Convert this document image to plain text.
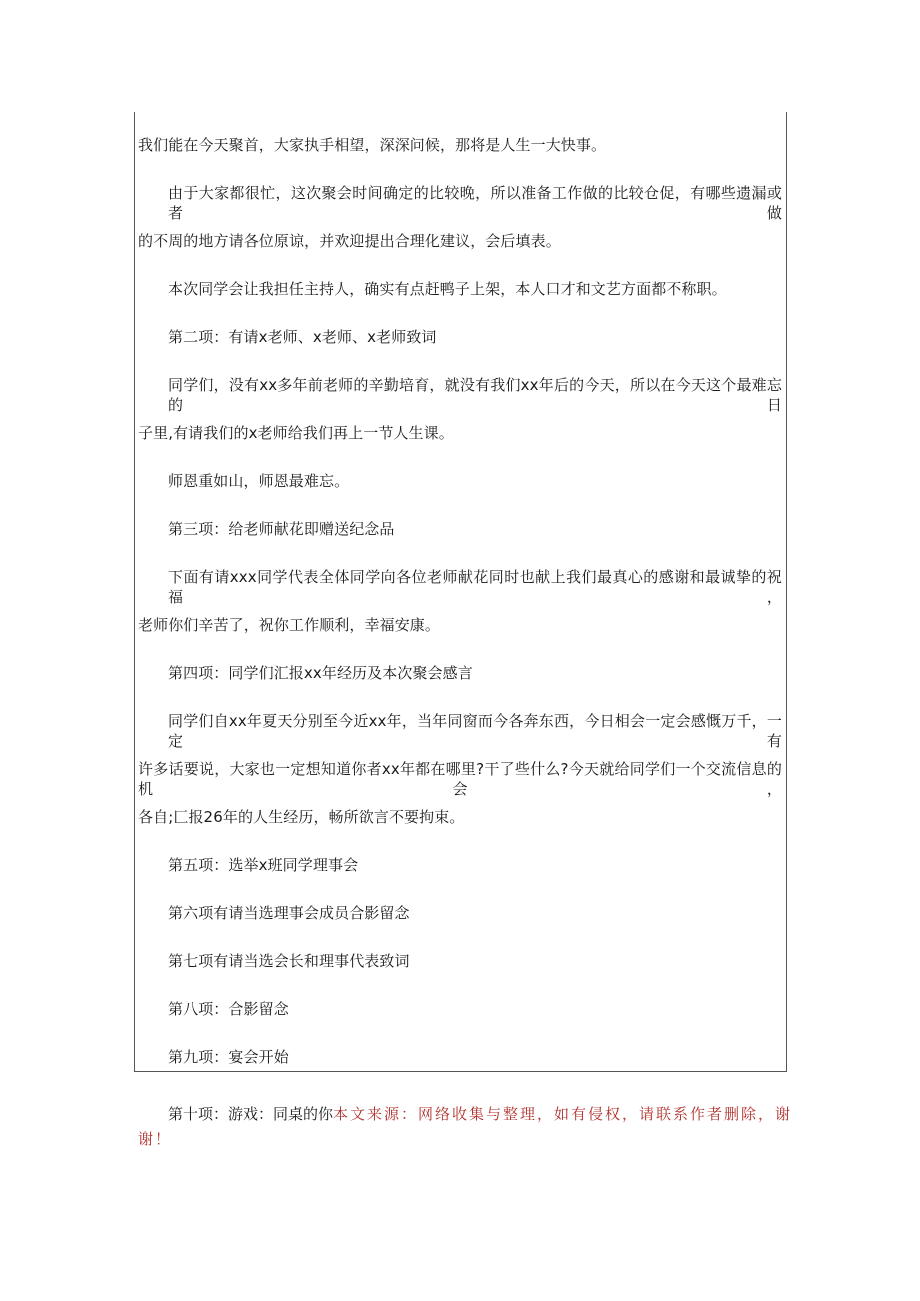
我们能在今天聚首，大家执手相望，深深问候，那将是人生一大快事。
由于大家都很忙，这次聚会时间确定的比较晚，所以准备工作做的比较仓促，有哪些遗漏或者做
的不周的地方请各位原谅，并欢迎提出合理化建议，会后填表。
本次同学会让我担任主持人，确实有点赶鸭子上架，本人口才和文艺方面都不称职。
第二项：有请x老师、x老师、x老师致词
同学们，没有xx多年前老师的辛勤培育，就没有我们xx年后的今天，所以在今天这个最难忘的日
子里,有请我们的x老师给我们再上一节人生课。
师恩重如山，师恩最难忘。
第三项：给老师献花即赠送纪念品
下面有请xxx同学代表全体同学向各位老师献花同时也献上我们最真心的感谢和最诚挚的祝福，
老师你们辛苦了，祝你工作顺利，幸福安康。
第四项：同学们汇报xx年经历及本次聚会感言
同学们自xx年夏天分别至今近xx年，当年同窗而今各奔东西，今日相会一定会感慨万千，一定有
许多话要说，大家也一定想知道你者xx年都在哪里?干了些什么?今天就给同学们一个交流信息的机会，
各自;匚报26年的人生经历，畅所欲言不要拘束。
第五项：选举x班同学理事会
第六项有请当选理事会成员合影留念
第七项有请当选会长和理事代表致词
第八项：合影留念
第九项：宴会开始
第十项：游戏：同桌的你本文来源：网络收集与整理，如有侵权，请联系作者删除，谢
谢！
